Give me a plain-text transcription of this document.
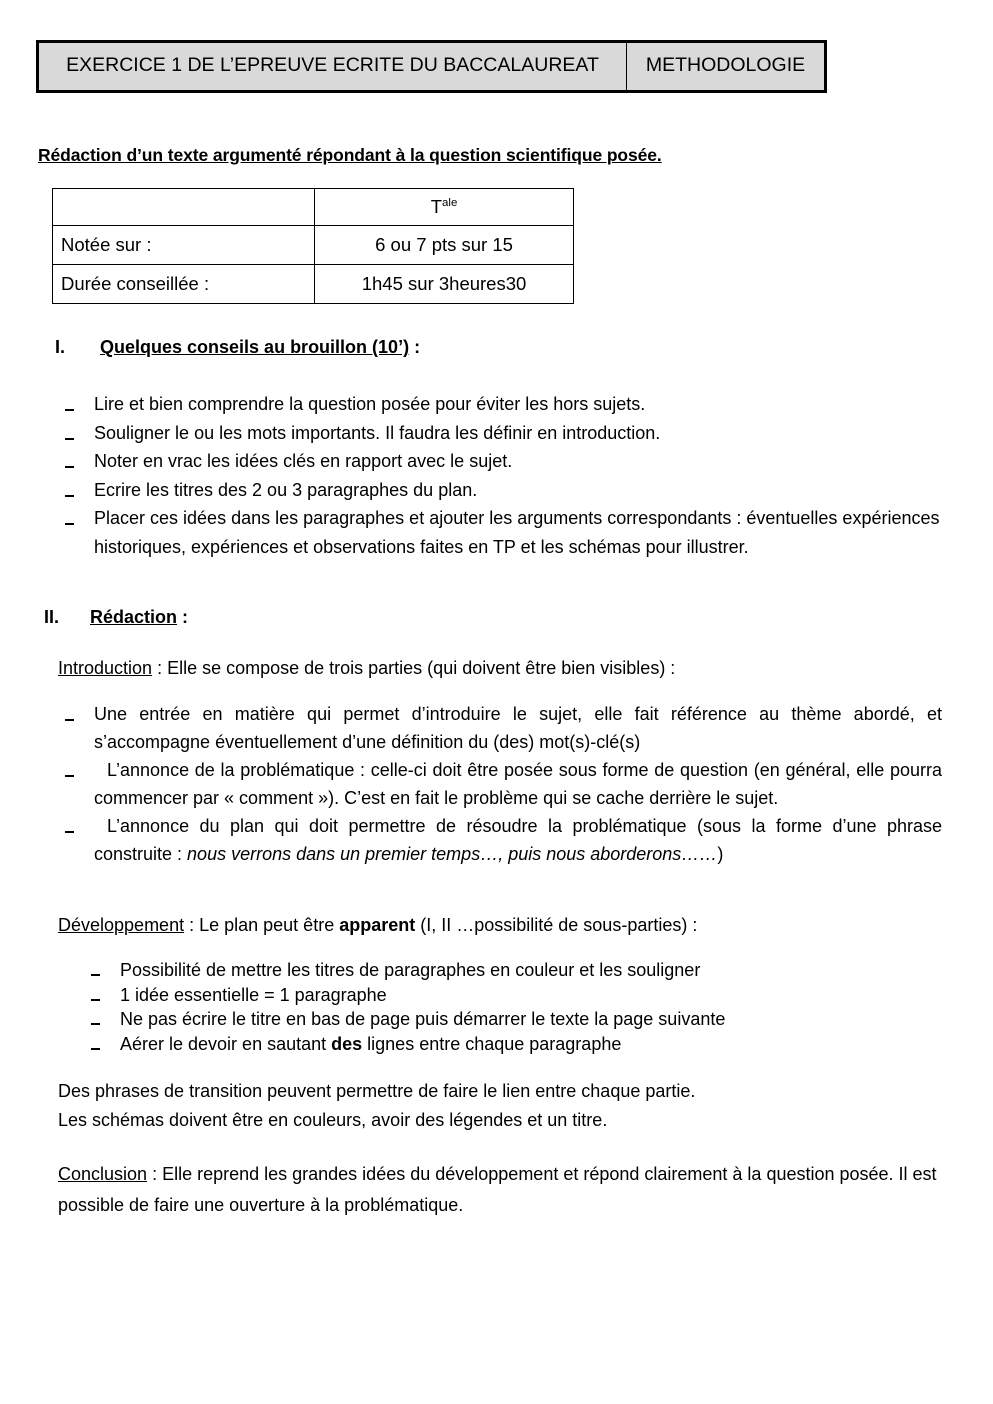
EXERCICE 1 DE L’EPREUVE ECRITE DU BACCALAUREAT	METHODOLOGIE
Rédaction d’un texte argumenté répondant à la question scientifique posée.
	$T^{ale}$
Notée sur :	6 ou 7 pts sur 15
Durée conseillée :	1h45 sur 3heures30
I. Quelques conseils au brouillon (10’) :
Lire et bien comprendre la question posée pour éviter les hors sujets.
Souligner le ou les mots importants. Il faudra les définir en introduction.
Noter en vrac les idées clés en rapport avec le sujet.
Ecrire les titres des 2 ou 3 paragraphes du plan.
Placer ces idées dans les paragraphes et ajouter les arguments correspondants : éventuelles expériences historiques, expériences et observations faites en TP et les schémas pour illustrer.
II. Rédaction :

Introduction : Elle se compose de trois parties (qui doivent être bien visibles) :

Une entrée en matière qui permet d’introduire le sujet, elle fait référence au thème abordé, et s’accompagne éventuellement d’une définition du (des) mot(s)-clé(s)
L’annonce de la problématique : celle-ci doit être posée sous forme de question (en général, elle pourra commencer par « comment »). C’est en fait le problème qui se cache derrière le sujet.
L’annonce du plan qui doit permettre de résoudre la problématique (sous la forme d’une phrase construite : nous verrons dans un premier temps…, puis nous aborderons……)

Développement : Le plan peut être apparent (I, II …possibilité de sous-parties) :

Possibilité de mettre les titres de paragraphes en couleur et les souligner
1 idée essentielle = 1 paragraphe
Ne pas écrire le titre en bas de page puis démarrer le texte la page suivante
Aérer le devoir en sautant des lignes entre chaque paragraphe

Des phrases de transition peuvent permettre de faire le lien entre chaque partie.
Les schémas doivent être en couleurs, avoir des légendes et un titre.

Conclusion : Elle reprend les grandes idées du développement et répond clairement à la question posée. Il est possible de faire une ouverture à la problématique.
